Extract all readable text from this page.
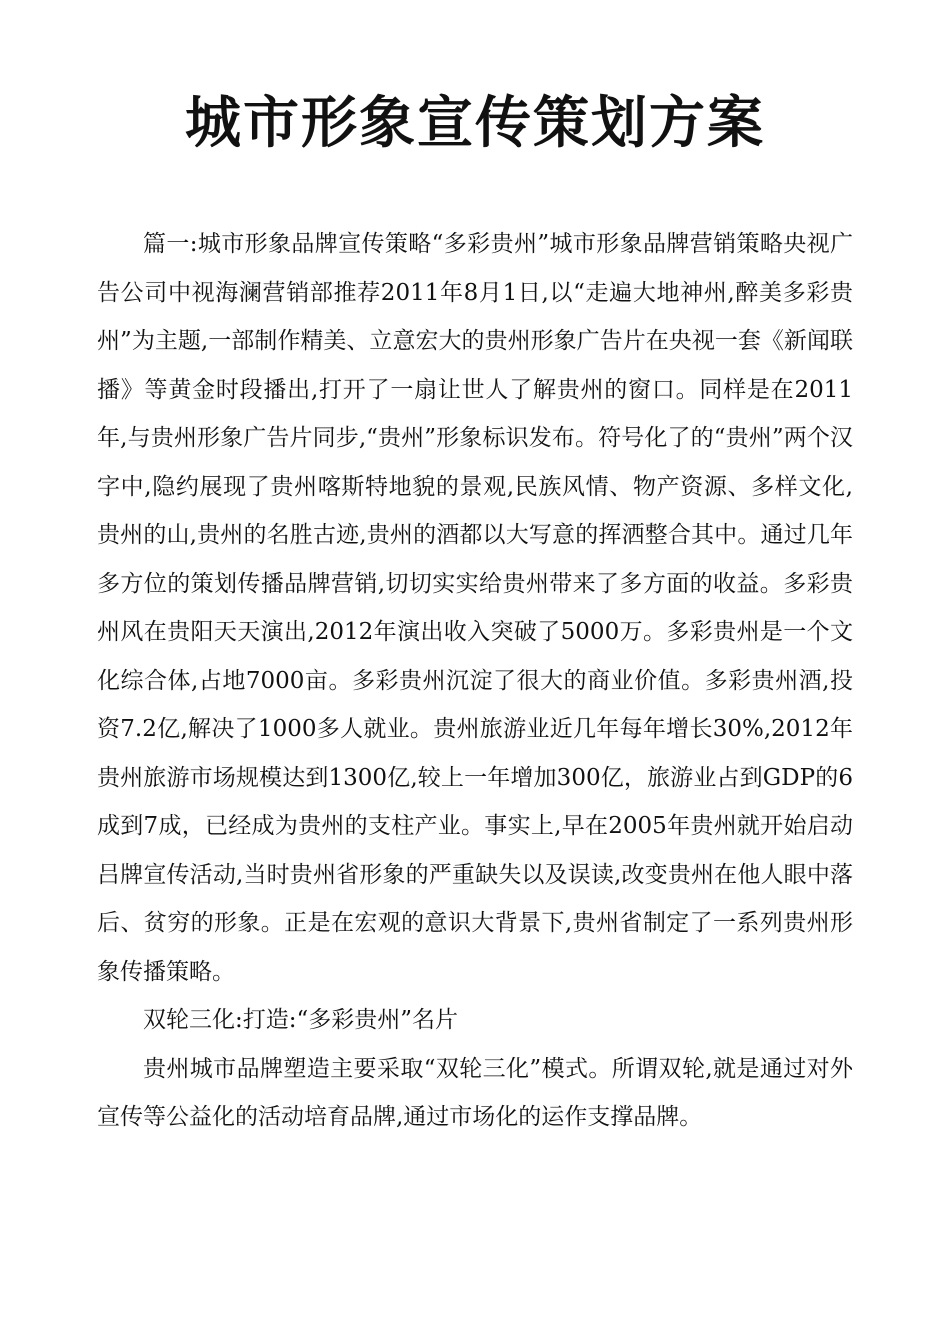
城市形象宣传策划方案

篇一:城市形象品牌宣传策略“多彩贵州”城市形象品牌营销策略央视广告公司中视海澜营销部推荐2011年8月1日,以“走遍大地神州,醉美多彩贵州”为主题,一部制作精美、立意宏大的贵州形象广告片在央视一套《新闻联播》等黄金时段播出,打开了一扇让世人了解贵州的窗口。同样是在2011年,与贵州形象广告片同步,“贵州”形象标识发布。符号化了的“贵州”两个汉字中,隐约展现了贵州喀斯特地貌的景观,民族风情、物产资源、多样文化,贵州的山,贵州的名胜古迹,贵州的酒都以大写意的挥洒整合其中。通过几年多方位的策划传播品牌营销,切切实实给贵州带来了多方面的收益。多彩贵州风在贵阳天天演出,2012年演出收入突破了5000万。多彩贵州是一个文化综合体,占地7000亩。多彩贵州沉淀了很大的商业价值。多彩贵州酒,投资7.2亿,解决了1000多人就业。贵州旅游业近几年每年增长30%,2012年贵州旅游市场规模达到1300亿,较上一年增加300亿，旅游业占到GDP的6成到7成，已经成为贵州的支柱产业。事实上,早在2005年贵州就开始启动吕牌宣传活动,当时贵州省形象的严重缺失以及误读,改变贵州在他人眼中落后、贫穷的形象。正是在宏观的意识大背景下,贵州省制定了一系列贵州形象传播策略。

双轮三化:打造:“多彩贵州”名片

贵州城市品牌塑造主要采取“双轮三化”模式。所谓双轮,就是通过对外宣传等公益化的活动培育品牌,通过市场化的运作支撑品牌。
